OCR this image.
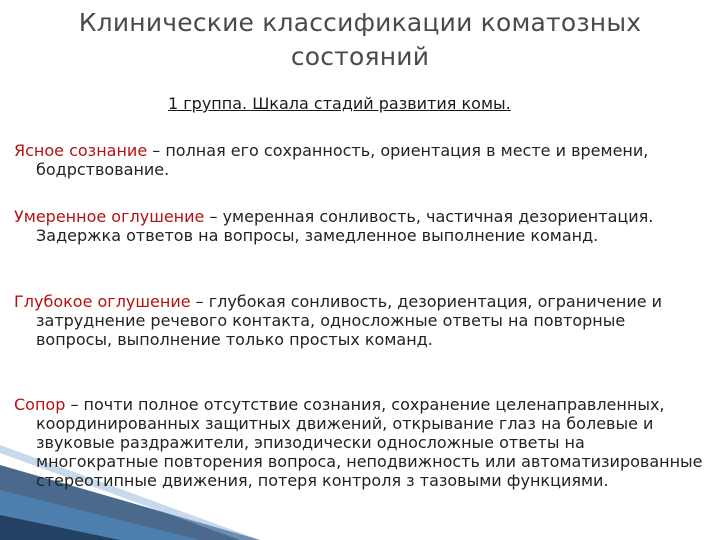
Клинические классификации коматозных
состояний
1 группа. Шкала стадий развития комы.

Ясное сознание – полная его сохранность, ориентация в месте и времени, бодрствование.

Умеренное оглушение – умеренная сонливость, частичная дезориентация. Задержка ответов на вопросы, замедленное выполнение команд.

Глубокое оглушение – глубокая сонливость, дезориентация, ограничение и затруднение речевого контакта, односложные ответы на повторные вопросы, выполнение только простых команд.

Сопор – почти полное отсутствие сознания, сохранение целенаправленных, координированных защитных движений, открывание глаз на болевые и звуковые раздражители, эпизодически односложные ответы на многократные повторения вопроса, неподвижность или автоматизированные стереотипные движения, потеря контроля з тазовыми функциями.
